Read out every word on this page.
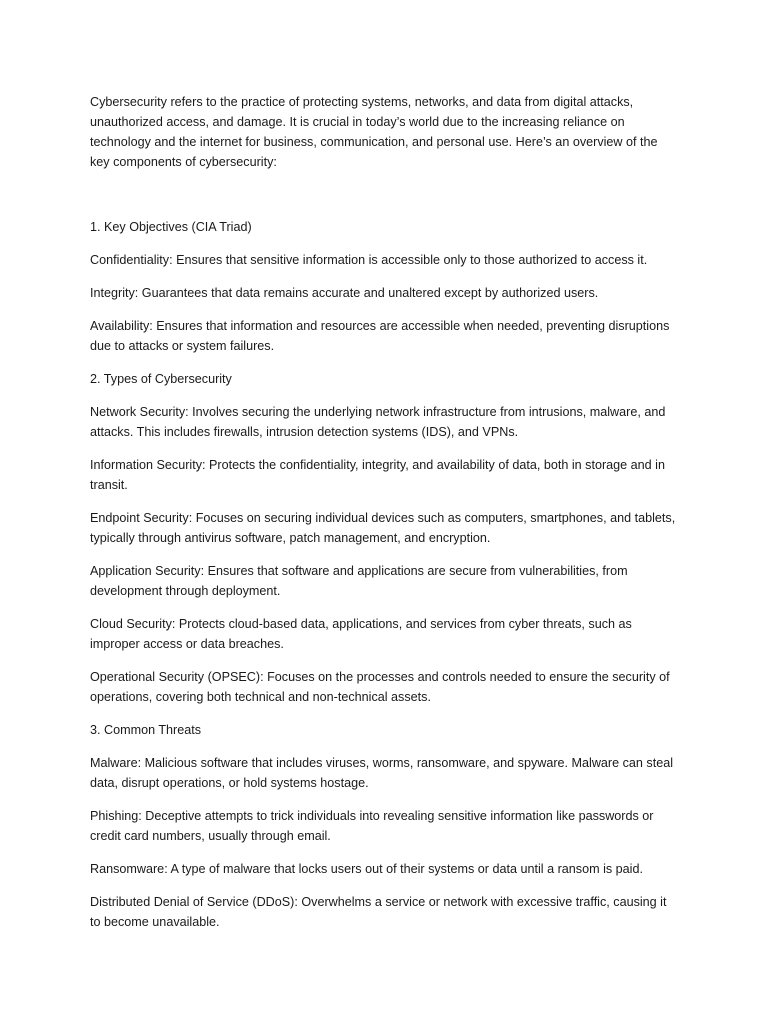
Cybersecurity refers to the practice of protecting systems, networks, and data from digital attacks, unauthorized access, and damage. It is crucial in today’s world due to the increasing reliance on technology and the internet for business, communication, and personal use. Here’s an overview of the key components of cybersecurity:

1. Key Objectives (CIA Triad)

Confidentiality: Ensures that sensitive information is accessible only to those authorized to access it.

Integrity: Guarantees that data remains accurate and unaltered except by authorized users.

Availability: Ensures that information and resources are accessible when needed, preventing disruptions due to attacks or system failures.

2. Types of Cybersecurity

Network Security: Involves securing the underlying network infrastructure from intrusions, malware, and attacks. This includes firewalls, intrusion detection systems (IDS), and VPNs.

Information Security: Protects the confidentiality, integrity, and availability of data, both in storage and in transit.

Endpoint Security: Focuses on securing individual devices such as computers, smartphones, and tablets, typically through antivirus software, patch management, and encryption.

Application Security: Ensures that software and applications are secure from vulnerabilities, from development through deployment.

Cloud Security: Protects cloud-based data, applications, and services from cyber threats, such as improper access or data breaches.

Operational Security (OPSEC): Focuses on the processes and controls needed to ensure the security of operations, covering both technical and non-technical assets.

3. Common Threats

Malware: Malicious software that includes viruses, worms, ransomware, and spyware. Malware can steal data, disrupt operations, or hold systems hostage.

Phishing: Deceptive attempts to trick individuals into revealing sensitive information like passwords or credit card numbers, usually through email.

Ransomware: A type of malware that locks users out of their systems or data until a ransom is paid.

Distributed Denial of Service (DDoS): Overwhelms a service or network with excessive traffic, causing it to become unavailable.
